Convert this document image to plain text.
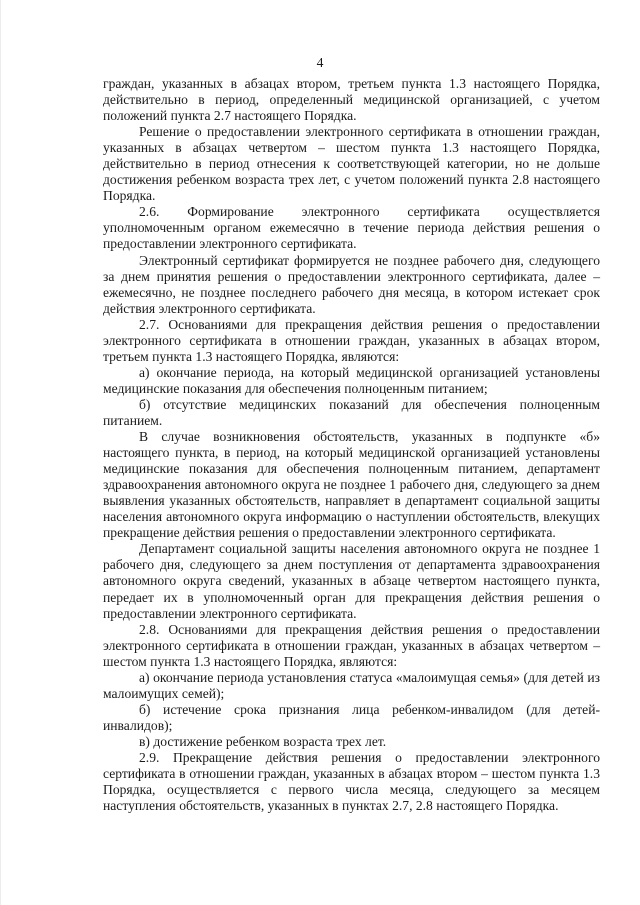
4

граждан, указанных в абзацах втором, третьем пункта 1.3 настоящего Порядка, действительно в период, определенный медицинской организацией, с учетом положений пункта 2.7 настоящего Порядка.

Решение о предоставлении электронного сертификата в отношении граждан, указанных в абзацах четвертом – шестом пункта 1.3 настоящего Порядка, действительно в период отнесения к соответствующей категории, но не дольше достижения ребенком возраста трех лет, с учетом положений пункта 2.8 настоящего Порядка.

2.6. Формирование электронного сертификата осуществляется уполномоченным органом ежемесячно в течение периода действия решения о предоставлении электронного сертификата.

Электронный сертификат формируется не позднее рабочего дня, следующего за днем принятия решения о предоставлении электронного сертификата, далее – ежемесячно, не позднее последнего рабочего дня месяца, в котором истекает срок действия электронного сертификата.

2.7. Основаниями для прекращения действия решения о предоставлении электронного сертификата в отношении граждан, указанных в абзацах втором, третьем пункта 1.3 настоящего Порядка, являются:

а) окончание периода, на который медицинской организацией установлены медицинские показания для обеспечения полноценным питанием;

б) отсутствие медицинских показаний для обеспечения полноценным питанием.

В случае возникновения обстоятельств, указанных в подпункте «б» настоящего пункта, в период, на который медицинской организацией установлены медицинские показания для обеспечения полноценным питанием, департамент здравоохранения автономного округа не позднее 1 рабочего дня, следующего за днем выявления указанных обстоятельств, направляет в департамент социальной защиты населения автономного округа информацию о наступлении обстоятельств, влекущих прекращение действия решения о предоставлении электронного сертификата.

Департамент социальной защиты населения автономного округа не позднее 1 рабочего дня, следующего за днем поступления от департамента здравоохранения автономного округа сведений, указанных в абзаце четвертом настоящего пункта, передает их в уполномоченный орган для прекращения действия решения о предоставлении электронного сертификата.

2.8. Основаниями для прекращения действия решения о предоставлении электронного сертификата в отношении граждан, указанных в абзацах четвертом – шестом пункта 1.3 настоящего Порядка, являются:

а) окончание периода установления статуса «малоимущая семья» (для детей из малоимущих семей);

б) истечение срока признания лица ребенком-инвалидом (для детей-инвалидов);

в) достижение ребенком возраста трех лет.

2.9. Прекращение действия решения о предоставлении электронного сертификата в отношении граждан, указанных в абзацах втором – шестом пункта 1.3 Порядка, осуществляется с первого числа месяца, следующего за месяцем наступления обстоятельств, указанных в пунктах 2.7, 2.8 настоящего Порядка.
